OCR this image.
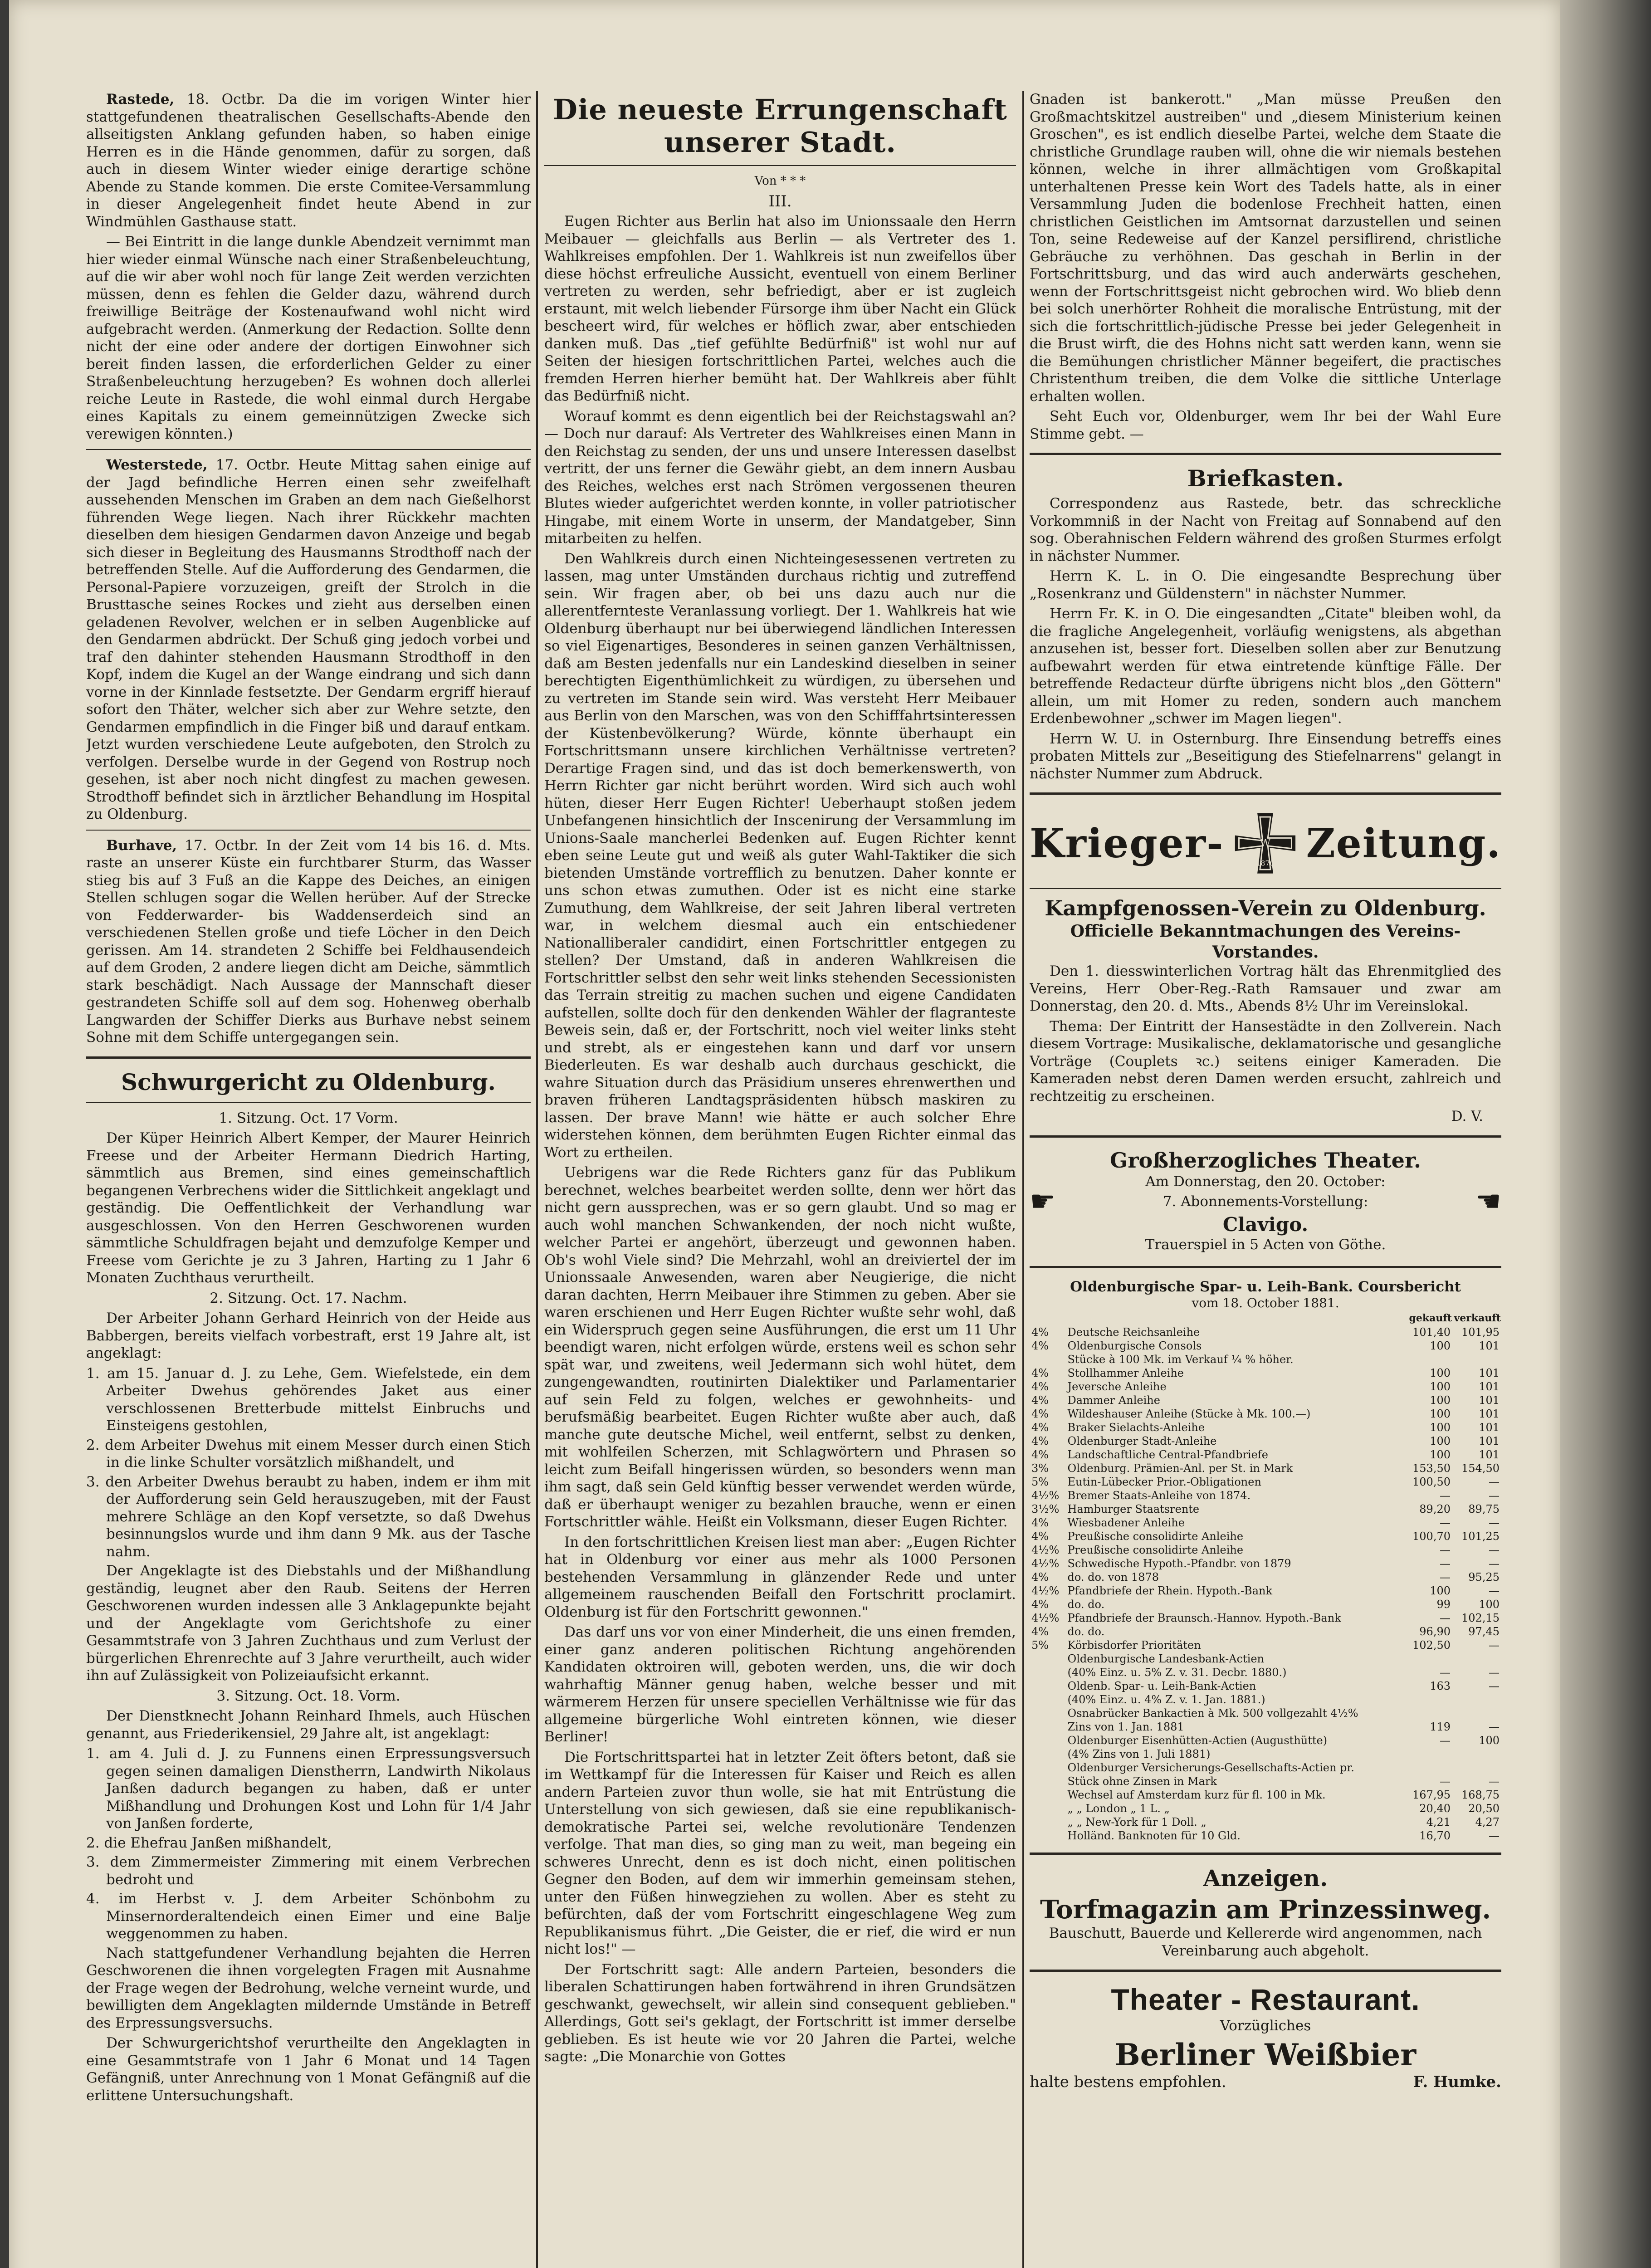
Rastede, 18. Octbr. Da die im vorigen Winter hier stattgefundenen theatralischen Gesellschafts-Abende den allseitigsten Anklang gefunden haben, so haben einige Herren es in die Hände genommen, dafür zu sorgen, daß auch in diesem Winter wieder einige derartige schöne Abende zu Stande kommen. Die erste Comitee-Versammlung in dieser Angelegenheit findet heute Abend in zur Windmühlen Gasthause statt.

— Bei Eintritt in die lange dunkle Abendzeit vernimmt man hier wieder einmal Wünsche nach einer Straßenbeleuchtung, auf die wir aber wohl noch für lange Zeit werden verzichten müssen, denn es fehlen die Gelder dazu, während durch freiwillige Beiträge der Kostenaufwand wohl nicht wird aufgebracht werden. (Anmerkung der Redaction. Sollte denn nicht der eine oder andere der dortigen Einwohner sich bereit finden lassen, die erforderlichen Gelder zu einer Straßenbeleuchtung herzugeben? Es wohnen doch allerlei reiche Leute in Rastede, die wohl einmal durch Hergabe eines Kapitals zu einem gemeinnützigen Zwecke sich verewigen könnten.)

Westerstede, 17. Octbr. Heute Mittag sahen einige auf der Jagd befindliche Herren einen sehr zweifelhaft aussehenden Menschen im Graben an dem nach Gießelhorst führenden Wege liegen. Nach ihrer Rückkehr machten dieselben dem hiesigen Gendarmen davon Anzeige und begab sich dieser in Begleitung des Hausmanns Strodthoff nach der betreffenden Stelle. Auf die Aufforderung des Gendarmen, die Personal-Papiere vorzuzeigen, greift der Strolch in die Brusttasche seines Rockes und zieht aus derselben einen geladenen Revolver, welchen er in selben Augenblicke auf den Gendarmen abdrückt. Der Schuß ging jedoch vorbei und traf den dahinter stehenden Hausmann Strodthoff in den Kopf, indem die Kugel an der Wange eindrang und sich dann vorne in der Kinnlade festsetzte. Der Gendarm ergriff hierauf sofort den Thäter, welcher sich aber zur Wehre setzte, den Gendarmen empfindlich in die Finger biß und darauf entkam. Jetzt wurden verschiedene Leute aufgeboten, den Strolch zu verfolgen. Derselbe wurde in der Gegend von Rostrup noch gesehen, ist aber noch nicht dingfest zu machen gewesen. Strodthoff befindet sich in ärztlicher Behandlung im Hospital zu Oldenburg.

Burhave, 17. Octbr. In der Zeit vom 14 bis 16. d. Mts. raste an unserer Küste ein furchtbarer Sturm, das Wasser stieg bis auf 3 Fuß an die Kappe des Deiches, an einigen Stellen schlugen sogar die Wellen herüber. Auf der Strecke von Fedderwarder- bis Waddenserdeich sind an verschiedenen Stellen große und tiefe Löcher in den Deich gerissen. Am 14. strandeten 2 Schiffe bei Feldhausendeich auf dem Groden, 2 andere liegen dicht am Deiche, sämmtlich stark beschädigt. Nach Aussage der Mannschaft dieser gestrandeten Schiffe soll auf dem sog. Hohenweg oberhalb Langwarden der Schiffer Dierks aus Burhave nebst seinem Sohne mit dem Schiffe untergegangen sein.

Schwurgericht zu Oldenburg.

1. Sitzung. Oct. 17 Vorm.

Der Küper Heinrich Albert Kemper, der Maurer Heinrich Freese und der Arbeiter Hermann Diedrich Harting, sämmtlich aus Bremen, sind eines gemeinschaftlich begangenen Verbrechens wider die Sittlichkeit angeklagt und geständig. Die Oeffentlichkeit der Verhandlung war ausgeschlossen. Von den Herren Geschworenen wurden sämmtliche Schuldfragen bejaht und demzufolge Kemper und Freese vom Gerichte je zu 3 Jahren, Harting zu 1 Jahr 6 Monaten Zuchthaus verurtheilt.

2. Sitzung. Oct. 17. Nachm.

Der Arbeiter Johann Gerhard Heinrich von der Heide aus Babbergen, bereits vielfach vorbestraft, erst 19 Jahre alt, ist angeklagt:

1. am 15. Januar d. J. zu Lehe, Gem. Wiefelstede, ein dem Arbeiter Dwehus gehörendes Jaket aus einer verschlossenen Bretterbude mittelst Einbruchs und Einsteigens gestohlen,
2. dem Arbeiter Dwehus mit einem Messer durch einen Stich in die linke Schulter vorsätzlich mißhandelt, und
3. den Arbeiter Dwehus beraubt zu haben, indem er ihm mit der Aufforderung sein Geld herauszugeben, mit der Faust mehrere Schläge an den Kopf versetzte, so daß Dwehus besinnungslos wurde und ihm dann 9 Mk. aus der Tasche nahm.

Der Angeklagte ist des Diebstahls und der Mißhandlung geständig, leugnet aber den Raub. Seitens der Herren Geschworenen wurden indessen alle 3 Anklagepunkte bejaht und der Angeklagte vom Gerichtshofe zu einer Gesammtstrafe von 3 Jahren Zuchthaus und zum Verlust der bürgerlichen Ehrenrechte auf 3 Jahre verurtheilt, auch wider ihn auf Zulässigkeit von Polizeiaufsicht erkannt.

3. Sitzung. Oct. 18. Vorm.

Der Dienstknecht Johann Reinhard Ihmels, auch Hüschen genannt, aus Friederikensiel, 29 Jahre alt, ist angeklagt:

1. am 4. Juli d. J. zu Funnens einen Erpressungsversuch gegen seinen damaligen Dienstherrn, Landwirth Nikolaus Janßen dadurch begangen zu haben, daß er unter Mißhandlung und Drohungen Kost und Lohn für 1/4 Jahr von Janßen forderte,
2. die Ehefrau Janßen mißhandelt,
3. dem Zimmermeister Zimmering mit einem Verbrechen bedroht und
4. im Herbst v. J. dem Arbeiter Schönbohm zu Minsernorderaltendeich einen Eimer und eine Balje weggenommen zu haben.

Nach stattgefundener Verhandlung bejahten die Herren Geschworenen die ihnen vorgelegten Fragen mit Ausnahme der Frage wegen der Bedrohung, welche verneint wurde, und bewilligten dem Angeklagten mildernde Umstände in Betreff des Erpressungsversuchs.

Der Schwurgerichtshof verurtheilte den Angeklagten in eine Gesammtstrafe von 1 Jahr 6 Monat und 14 Tagen Gefängniß, unter Anrechnung von 1 Monat Gefängniß auf die erlittene Untersuchungshaft.

Die neueste Errungenschaft unserer Stadt.

Von * * *

III.

Eugen Richter aus Berlin hat also im Unionssaale den Herrn Meibauer — gleichfalls aus Berlin — als Vertreter des 1. Wahlkreises empfohlen. Der 1. Wahlkreis ist nun zweifellos über diese höchst erfreuliche Aussicht, eventuell von einem Berliner vertreten zu werden, sehr befriedigt, aber er ist zugleich erstaunt, mit welch liebender Fürsorge ihm über Nacht ein Glück bescheert wird, für welches er höflich zwar, aber entschieden danken muß. Das „tief gefühlte Bedürfniß" ist wohl nur auf Seiten der hiesigen fortschrittlichen Partei, welches auch die fremden Herren hierher bemüht hat. Der Wahlkreis aber fühlt das Bedürfniß nicht.

Worauf kommt es denn eigentlich bei der Reichstagswahl an? — Doch nur darauf: Als Vertreter des Wahlkreises einen Mann in den Reichstag zu senden, der uns und unsere Interessen daselbst vertritt, der uns ferner die Gewähr giebt, an dem innern Ausbau des Reiches, welches erst nach Strömen vergossenen theuren Blutes wieder aufgerichtet werden konnte, in voller patriotischer Hingabe, mit einem Worte in unserm, der Mandatgeber, Sinn mitarbeiten zu helfen.

Den Wahlkreis durch einen Nichteingesessenen vertreten zu lassen, mag unter Umständen durchaus richtig und zutreffend sein. Wir fragen aber, ob bei uns dazu auch nur die allerentfernteste Veranlassung vorliegt. Der 1. Wahlkreis hat wie Oldenburg überhaupt nur bei überwiegend ländlichen Interessen so viel Eigenartiges, Besonderes in seinen ganzen Verhältnissen, daß am Besten jedenfalls nur ein Landeskind dieselben in seiner berechtigten Eigenthümlichkeit zu würdigen, zu übersehen und zu vertreten im Stande sein wird. Was versteht Herr Meibauer aus Berlin von den Marschen, was von den Schifffahrtsinteressen der Küstenbevölkerung? Würde, könnte überhaupt ein Fortschrittsmann unsere kirchlichen Verhältnisse vertreten? Derartige Fragen sind, und das ist doch bemerkenswerth, von Herrn Richter gar nicht berührt worden. Wird sich auch wohl hüten, dieser Herr Eugen Richter! Ueberhaupt stoßen jedem Unbefangenen hinsichtlich der Inscenirung der Versammlung im Unions-Saale mancherlei Bedenken auf. Eugen Richter kennt eben seine Leute gut und weiß als guter Wahl-Taktiker die sich bietenden Umstände vortrefflich zu benutzen. Daher konnte er uns schon etwas zumuthen. Oder ist es nicht eine starke Zumuthung, dem Wahlkreise, der seit Jahren liberal vertreten war, in welchem diesmal auch ein entschiedener Nationalliberaler candidirt, einen Fortschrittler entgegen zu stellen? Der Umstand, daß in anderen Wahlkreisen die Fortschrittler selbst den sehr weit links stehenden Secessionisten das Terrain streitig zu machen suchen und eigene Candidaten aufstellen, sollte doch für den denkenden Wähler der flagranteste Beweis sein, daß er, der Fortschritt, noch viel weiter links steht und strebt, als er eingestehen kann und darf vor unsern Biederleuten. Es war deshalb auch durchaus geschickt, die wahre Situation durch das Präsidium unseres ehrenwerthen und braven früheren Landtagspräsidenten hübsch maskiren zu lassen. Der brave Mann! wie hätte er auch solcher Ehre widerstehen können, dem berühmten Eugen Richter einmal das Wort zu ertheilen.

Uebrigens war die Rede Richters ganz für das Publikum berechnet, welches bearbeitet werden sollte, denn wer hört das nicht gern aussprechen, was er so gern glaubt. Und so mag er auch wohl manchen Schwankenden, der noch nicht wußte, welcher Partei er angehört, überzeugt und gewonnen haben. Ob's wohl Viele sind? Die Mehrzahl, wohl an dreiviertel der im Unionssaale Anwesenden, waren aber Neugierige, die nicht daran dachten, Herrn Meibauer ihre Stimmen zu geben. Aber sie waren erschienen und Herr Eugen Richter wußte sehr wohl, daß ein Widerspruch gegen seine Ausführungen, die erst um 11 Uhr beendigt waren, nicht erfolgen würde, erstens weil es schon sehr spät war, und zweitens, weil Jedermann sich wohl hütet, dem zungengewandten, routinirten Dialektiker und Parlamentarier auf sein Feld zu folgen, welches er gewohnheits- und berufsmäßig bearbeitet. Eugen Richter wußte aber auch, daß manche gute deutsche Michel, weil entfernt, selbst zu denken, mit wohlfeilen Scherzen, mit Schlagwörtern und Phrasen so leicht zum Beifall hingerissen würden, so besonders wenn man ihm sagt, daß sein Geld künftig besser verwendet werden würde, daß er überhaupt weniger zu bezahlen brauche, wenn er einen Fortschrittler wähle. Heißt ein Volksmann, dieser Eugen Richter.

In den fortschrittlichen Kreisen liest man aber: „Eugen Richter hat in Oldenburg vor einer aus mehr als 1000 Personen bestehenden Versammlung in glänzender Rede und unter allgemeinem rauschenden Beifall den Fortschritt proclamirt. Oldenburg ist für den Fortschritt gewonnen."

Das darf uns vor von einer Minderheit, die uns einen fremden, einer ganz anderen politischen Richtung angehörenden Kandidaten oktroiren will, geboten werden, uns, die wir doch wahrhaftig Männer genug haben, welche besser und mit wärmerem Herzen für unsere speciellen Verhältnisse wie für das allgemeine bürgerliche Wohl eintreten können, wie dieser Berliner!

Die Fortschrittspartei hat in letzter Zeit öfters betont, daß sie im Wettkampf für die Interessen für Kaiser und Reich es allen andern Parteien zuvor thun wolle, sie hat mit Entrüstung die Unterstellung von sich gewiesen, daß sie eine republikanisch-demokratische Partei sei, welche revolutionäre Tendenzen verfolge. That man dies, so ging man zu weit, man begeing ein schweres Unrecht, denn es ist doch nicht, einen politischen Gegner den Boden, auf dem wir immerhin gemeinsam stehen, unter den Füßen hinwegziehen zu wollen. Aber es steht zu befürchten, daß der vom Fortschritt eingeschlagene Weg zum Republikanismus führt. „Die Geister, die er rief, die wird er nun nicht los!" —

Der Fortschritt sagt: Alle andern Parteien, besonders die liberalen Schattirungen haben fortwährend in ihren Grundsätzen geschwankt, gewechselt, wir allein sind consequent geblieben." Allerdings, Gott sei's geklagt, der Fortschritt ist immer derselbe geblieben. Es ist heute wie vor 20 Jahren die Partei, welche sagte: „Die Monarchie von Gottes

Gnaden ist bankerott." „Man müsse Preußen den Großmachtskitzel austreiben" und „diesem Ministerium keinen Groschen", es ist endlich dieselbe Partei, welche dem Staate die christliche Grundlage rauben will, ohne die wir niemals bestehen können, welche in ihrer allmächtigen vom Großkapital unterhaltenen Presse kein Wort des Tadels hatte, als in einer Versammlung Juden die bodenlose Frechheit hatten, einen christlichen Geistlichen im Amtsornat darzustellen und seinen Ton, seine Redeweise auf der Kanzel persiflirend, christliche Gebräuche zu verhöhnen. Das geschah in Berlin in der Fortschrittsburg, und das wird auch anderwärts geschehen, wenn der Fortschrittsgeist nicht gebrochen wird. Wo blieb denn bei solch unerhörter Rohheit die moralische Entrüstung, mit der sich die fortschrittlich-jüdische Presse bei jeder Gelegenheit in die Brust wirft, die des Hohns nicht satt werden kann, wenn sie die Bemühungen christlicher Männer begeifert, die practisches Christenthum treiben, die dem Volke die sittliche Unterlage erhalten wollen.

Seht Euch vor, Oldenburger, wem Ihr bei der Wahl Eure Stimme gebt. —

Briefkasten.

Correspondenz aus Rastede, betr. das schreckliche Vorkommniß in der Nacht von Freitag auf Sonnabend auf den sog. Oberahnischen Feldern während des großen Sturmes erfolgt in nächster Nummer.

Herrn K. L. in O. Die eingesandte Besprechung über „Rosenkranz und Güldenstern" in nächster Nummer.

Herrn Fr. K. in O. Die eingesandten „Citate" bleiben wohl, da die fragliche Angelegenheit, vorläufig wenigstens, als abgethan anzusehen ist, besser fort. Dieselben sollen aber zur Benutzung aufbewahrt werden für etwa eintretende künftige Fälle. Der betreffende Redacteur dürfte übrigens nicht blos „den Göttern" allein, um mit Homer zu reden, sondern auch manchem Erdenbewohner „schwer im Magen liegen".

Herrn W. U. in Osternburg. Ihre Einsendung betreffs eines probaten Mittels zur „Beseitigung des Stiefelnarrens" gelangt in nächster Nummer zum Abdruck.

Krieger-	W
1870 Zeitung.
Kampfgenossen-Verein zu Oldenburg.
Officielle Bekanntmachungen des Vereins-Vorstandes.

Den 1. diesswinterlichen Vortrag hält das Ehrenmitglied des Vereins, Herr Ober-Reg.-Rath Ramsauer und zwar am Donnerstag, den 20. d. Mts., Abends 8½ Uhr im Vereinslokal.

Thema: Der Eintritt der Hansestädte in den Zollverein. Nach diesem Vortrage: Musikalische, deklamatorische und gesangliche Vorträge (Couplets ꝛc.) seitens einiger Kameraden. Die Kameraden nebst deren Damen werden ersucht, zahlreich und rechtzeitig zu erscheinen.

D. V.
☛
Großherzogliches Theater.
Am Donnerstag, den 20. October:
7. Abonnements-Vorstellung:
Clavigo.
Trauerspiel in 5 Acten von Göthe.
☚
Oldenburgische Spar- u. Leih-Bank. Coursbericht
vom 18. October 1881.
		gekauft	verkauft
4%	Deutsche Reichsanleihe	101,40	101,95
4%	Oldenburgische Consols	100	101
	Stücke à 100 Mk. im Verkauf ¼ % höher.		
4%	Stollhammer Anleihe	100	101
4%	Jeversche Anleihe	100	101
4%	Dammer Anleihe	100	101
4%	Wildeshauser Anleihe (Stücke à Mk. 100.—)	100	101
4%	Braker Sielachts-Anleihe	100	101
4%	Oldenburger Stadt-Anleihe	100	101
4%	Landschaftliche Central-Pfandbriefe	100	101
3%	Oldenburg. Prämien-Anl. per St. in Mark	153,50	154,50
5%	Eutin-Lübecker Prior.-Obligationen	100,50	—
4½%	Bremer Staats-Anleihe von 1874.	—	—
3½%	Hamburger Staatsrente	89,20	89,75
4%	Wiesbadener Anleihe	—	—
4%	Preußische consolidirte Anleihe	100,70	101,25
4½%	Preußische consolidirte Anleihe	—	—
4½%	Schwedische Hypoth.-Pfandbr. von 1879	—	—
4%	do. do. von 1878	—	95,25
4½%	Pfandbriefe der Rhein. Hypoth.-Bank	100	—
4%	do. do.	99	100
4½%	Pfandbriefe der Braunsch.-Hannov. Hypoth.-Bank	—	102,15
4%	do. do.	96,90	97,45
5%	Körbisdorfer Prioritäten	102,50	—
	Oldenburgische Landesbank-Actien		
	(40% Einz. u. 5% Z. v. 31. Decbr. 1880.)	—	—
	Oldenb. Spar- u. Leih-Bank-Actien	163	—
	(40% Einz. u. 4% Z. v. 1. Jan. 1881.)		
	Osnabrücker Bankactien à Mk. 500 vollgezahlt 4½%		
	Zins von 1. Jan. 1881	119	—
	Oldenburger Eisenhütten-Actien (Augusthütte)	—	100
	(4% Zins von 1. Juli 1881)		
	Oldenburger Versicherungs-Gesellschafts-Actien pr.		
	Stück ohne Zinsen in Mark	—	—
	Wechsel auf Amsterdam kurz für fl. 100 in Mk.	167,95	168,75
	„ „ London „ 1 L. „	20,40	20,50
	„ „ New-York für 1 Doll. „	4,21	4,27
	Holländ. Banknoten für 10 Gld.	16,70	—
Anzeigen.
Torfmagazin am Prinzessinweg.

Bauschutt, Bauerde und Kellererde wird angenommen, nach Vereinbarung auch abgeholt.

Theater - Restaurant.
Vorzügliches
Berliner Weißbier
halte bestens empfohlen.	F. Humke.
